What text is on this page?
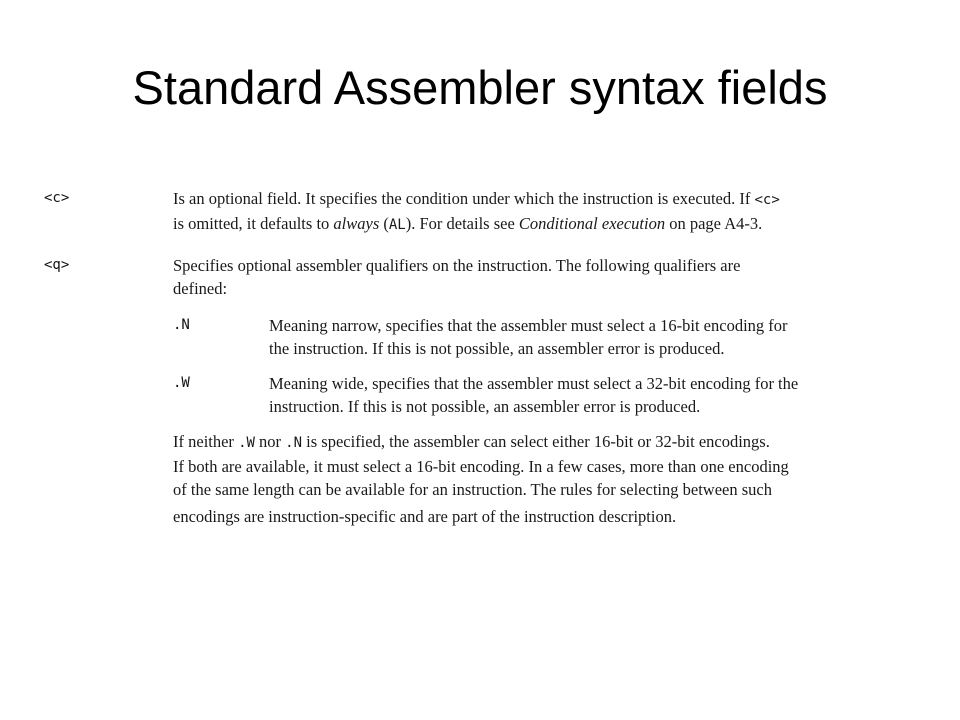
Standard Assembler syntax fields
<c>	Is an optional field. It specifies the condition under which the instruction is executed. If <c>
is omitted, it defaults to always (AL). For details see Conditional execution on page A4-3.
<q>	Specifies optional assembler qualifiers on the instruction. The following qualifiers are
defined:
.N	Meaning narrow, specifies that the assembler must select a 16-bit encoding for
the instruction. If this is not possible, an assembler error is produced.
.W	Meaning wide, specifies that the assembler must select a 32-bit encoding for the
instruction. If this is not possible, an assembler error is produced.
If neither .W nor .N is specified, the assembler can select either 16-bit or 32-bit encodings.
If both are available, it must select a 16-bit encoding. In a few cases, more than one encoding
of the same length can be available for an instruction. The rules for selecting between such
encodings are instruction-specific and are part of the instruction description.
